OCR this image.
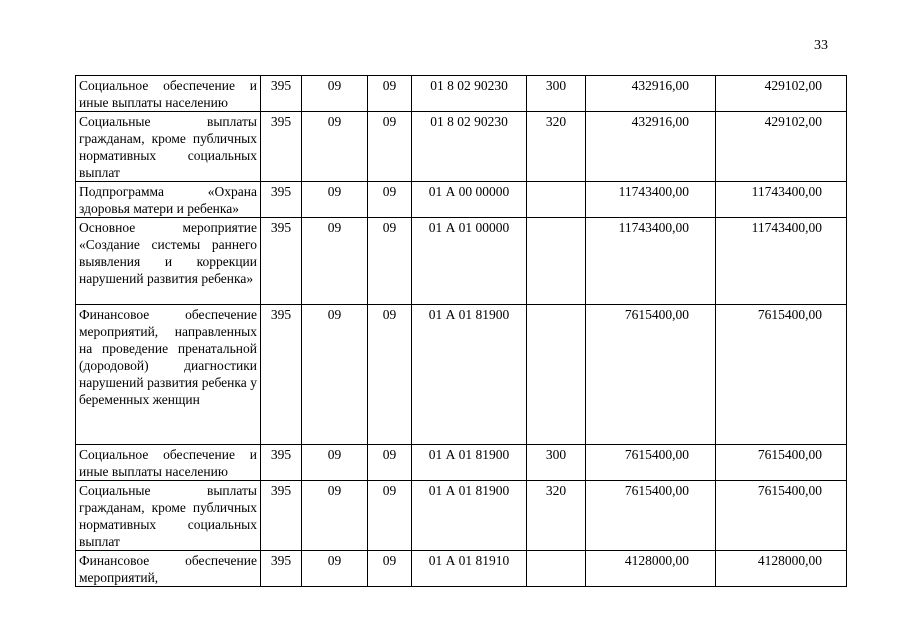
33
Социальное обеспечение и иные выплаты населению	395	09	09	01 8 02 90230	300	432916,00	429102,00
Социальные выплаты гражданам, кроме публичных нормативных социальных выплат	395	09	09	01 8 02 90230	320	432916,00	429102,00
Подпрограмма «Охрана здоровья матери и ребенка»	395	09	09	01 А 00 00000		11743400,00	11743400,00
Основное мероприятие «Создание системы раннего выявления и коррекции нарушений развития ребенка»	395	09	09	01 А 01 00000		11743400,00	11743400,00
Финансовое обеспечение мероприятий, направленных на проведение пренатальной (дородовой) диагностики нарушений развития ребенка у беременных женщин	395	09	09	01 А 01 81900		7615400,00	7615400,00
Социальное обеспечение и иные выплаты населению	395	09	09	01 А 01 81900	300	7615400,00	7615400,00
Социальные выплаты гражданам, кроме публичных нормативных социальных выплат	395	09	09	01 А 01 81900	320	7615400,00	7615400,00
Финансовое обеспечение мероприятий,	395	09	09	01 А 01 81910		4128000,00	4128000,00
